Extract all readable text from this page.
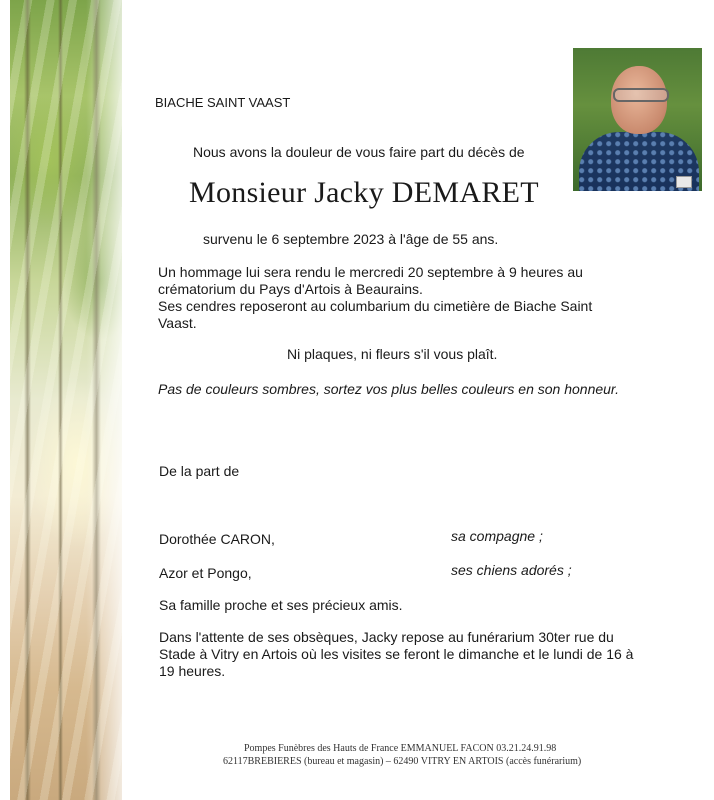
BIACHE SAINT VAAST
Nous avons la douleur de vous faire part du décès de
Monsieur Jacky DEMARET
survenu le 6 septembre 2023 à l'âge de 55 ans.
Un hommage lui sera rendu le mercredi 20 septembre à 9 heures au
crématorium du Pays d'Artois à Beaurains.
Ses cendres reposeront au columbarium du cimetière de Biache Saint
Vaast.
Ni plaques, ni fleurs s'il vous plaît.
Pas de couleurs sombres, sortez vos plus belles couleurs en son honneur.
De la part de
Dorothée CARON,	sa compagne ;
Azor et Pongo,	ses chiens adorés ;
Sa famille proche et ses précieux amis.
Dans l'attente de ses obsèques, Jacky repose au funérarium 30ter rue du
Stade à Vitry en Artois où les visites se feront le dimanche et le lundi de 16 à
19 heures.
Pompes Funèbres des Hauts de France EMMANUEL FACON 03.21.24.91.98
62117BREBIERES (bureau et magasin) – 62490 VITRY EN ARTOIS (accès funérarium)
